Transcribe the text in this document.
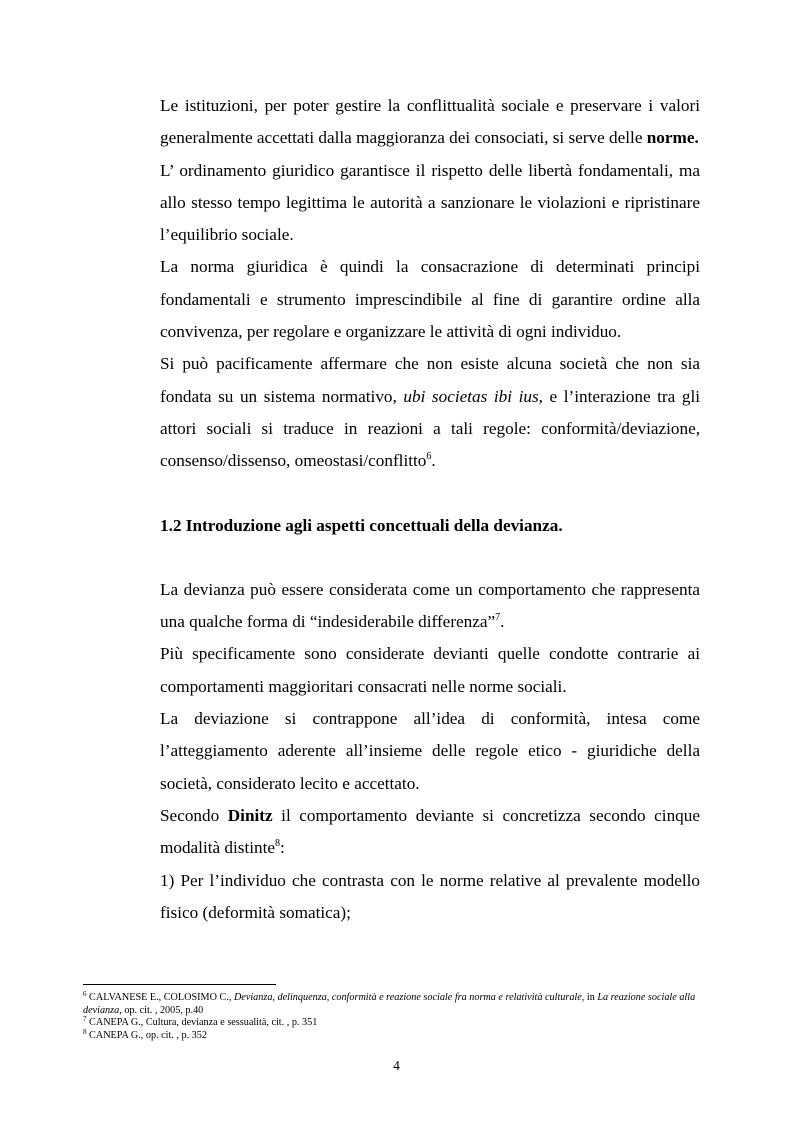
Le istituzioni, per poter gestire la conflittualità sociale e preservare i valori generalmente accettati dalla maggioranza dei consociati, si serve delle norme.

L’ ordinamento giuridico garantisce il rispetto delle libertà fondamentali, ma allo stesso tempo legittima le autorità a sanzionare le violazioni e ripristinare l’equilibrio sociale.

La norma giuridica è quindi la consacrazione di determinati principi fondamentali e strumento imprescindibile al fine di garantire ordine alla convivenza, per regolare e organizzare le attività di ogni individuo.

Si può pacificamente affermare che non esiste alcuna società che non sia fondata su un sistema normativo, ubi societas ibi ius, e l’interazione tra gli attori sociali si traduce in reazioni a tali regole: conformità/deviazione, consenso/dissenso, omeostasi/conflitto$^6$.

1.2 Introduzione agli aspetti concettuali della devianza.

La devianza può essere considerata come un comportamento che rappresenta una qualche forma di “indesiderabile differenza”$^7$.

Più specificamente sono considerate devianti quelle condotte contrarie ai comportamenti maggioritari consacrati nelle norme sociali.

La deviazione si contrappone all’idea di conformità, intesa come l’atteggiamento aderente all’insieme delle regole etico - giuridiche della società, considerato lecito e accettato.

Secondo Dinitz il comportamento deviante si concretizza secondo cinque modalità distinte$^8$:

1) Per l’individuo che contrasta con le norme relative al prevalente modello fisico (deformità somatica);

$^6$ CALVANESE E., COLOSIMO C., Devianza, delinquenza, conformità e reazione sociale fra norma e relatività culturale, in La reazione sociale alla devianza, op. cit. , 2005, p.40

$^7$ CANEPA G., Cultura, devianza e sessualità, cit. , p. 351

$^8$ CANEPA G., op. cit. , p. 352

4
